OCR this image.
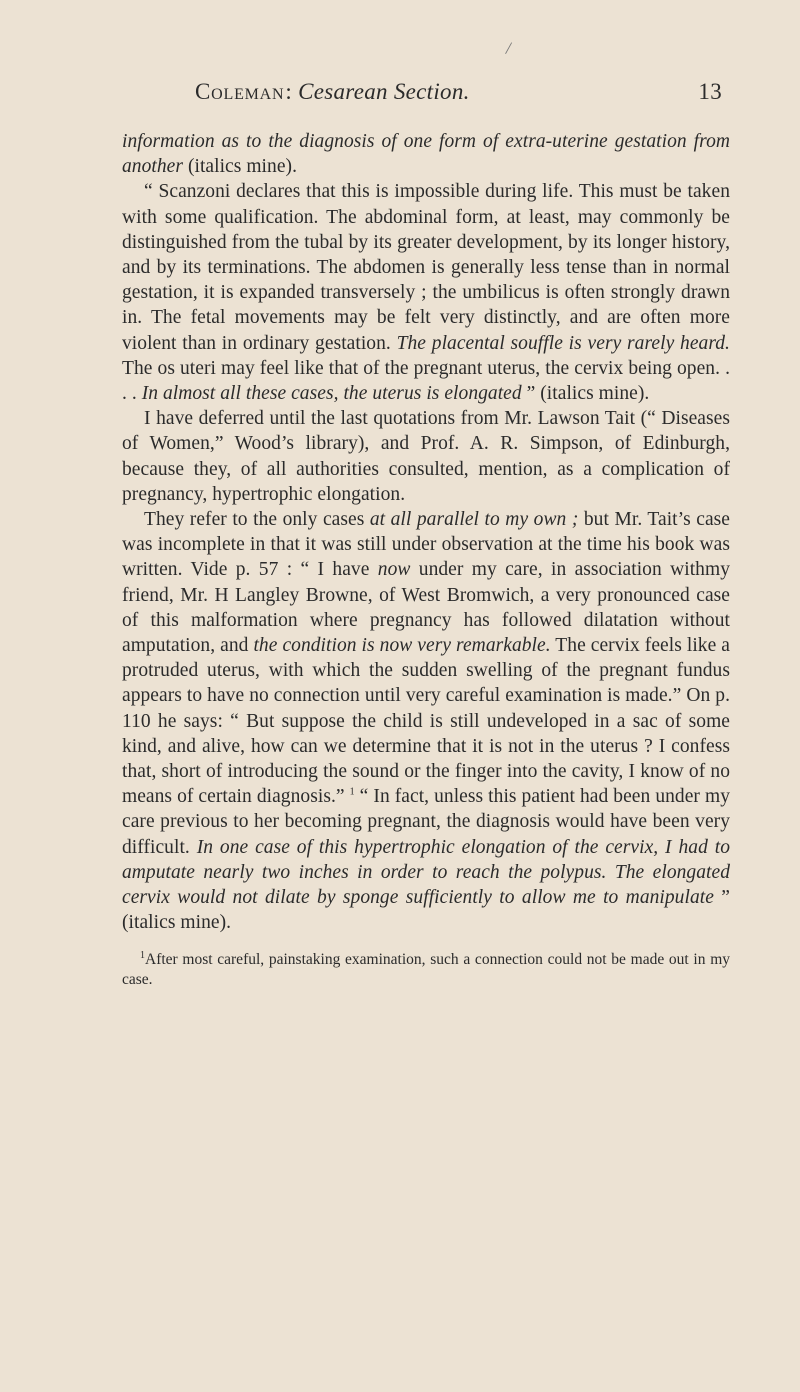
/
Coleman: Cesarean Section.	13

information as to the diagnosis of one form of extra-uterine gestation from another (italics mine).

“ Scanzoni declares that this is impossible during life. This must be taken with some qualification. The abdominal form, at least, may commonly be distinguished from the tubal by its greater development, by its longer history, and by its terminations. The abdomen is generally less tense than in normal gestation, it is expanded transversely ; the umbilicus is often strongly drawn in. The fetal movements may be felt very distinctly, and are often more violent than in ordinary gestation. The placental souffle is very rarely heard. The os uteri may feel like that of the pregnant uterus, the cervix being open. . . . In almost all these cases, the uterus is elongated ” (italics mine).

I have deferred until the last quotations from Mr. Lawson Tait (“ Diseases of Women,” Wood’s library), and Prof. A. R. Simpson, of Edinburgh, because they, of all authorities consulted, mention, as a complication of pregnancy, hypertrophic elongation.

They refer to the only cases at all parallel to my own ; but Mr. Tait’s case was incomplete in that it was still under observation at the time his book was written. Vide p. 57 : “ I have now under my care, in association withmy friend, Mr. H Langley Browne, of West Bromwich, a very pronounced case of this malformation where pregnancy has followed dilatation without amputation, and the condition is now very remarkable. The cervix feels like a protruded uterus, with which the sudden swelling of the pregnant fundus appears to have no connection until very careful examination is made.” On p. 110 he says: “ But suppose the child is still undeveloped in a sac of some kind, and alive, how can we determine that it is not in the uterus ? I confess that, short of introducing the sound or the finger into the cavity, I know of no means of certain diagnosis.” $^1$ “ In fact, unless this patient had been under my care previous to her becoming pregnant, the diagnosis would have been very difficult. In one case of this hypertrophic elongation of the cervix, I had to amputate nearly two inches in order to reach the polypus. The elongated cervix would not dilate by sponge sufficiently to allow me to manipulate ” (italics mine).

$^1$After most careful, painstaking examination, such a connection could not be made out in my case.
